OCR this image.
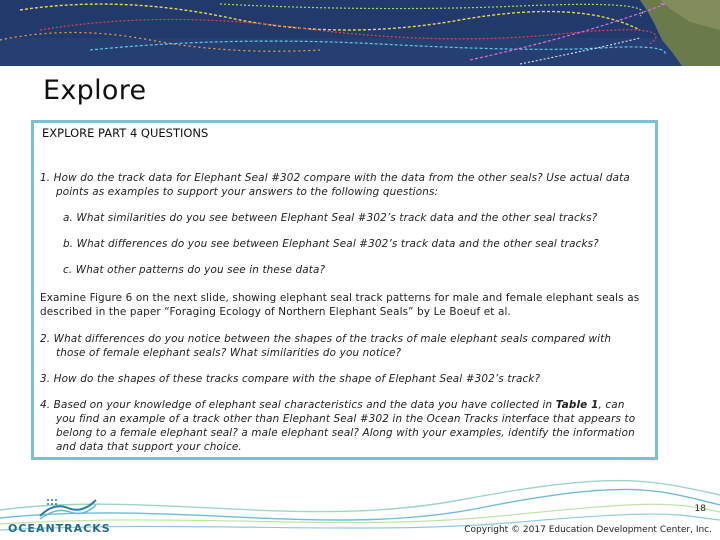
Explore
EXPLORE PART 4 QUESTIONS
1. How do the track data for Elephant Seal #302 compare with the data from the other seals? Use actual data
points as examples to support your answers to the following questions:
a. What similarities do you see between Elephant Seal #302’s track data and the other seal tracks?
b. What differences do you see between Elephant Seal #302’s track data and the other seal tracks?
c. What other patterns do you see in these data?
Examine Figure 6 on the next slide, showing elephant seal track patterns for male and female elephant seals as
described in the paper “Foraging Ecology of Northern Elephant Seals” by Le Boeuf et al.
2. What differences do you notice between the shapes of the tracks of male elephant seals compared with
those of female elephant seals? What similarities do you notice?
3. How do the shapes of these tracks compare with the shape of Elephant Seal #302’s track?
4. Based on your knowledge of elephant seal characteristics and the data you have collected in Table 1, can
you find an example of a track other than Elephant Seal #302 in the Ocean Tracks interface that appears to
belong to a female elephant seal? a male elephant seal? Along with your examples, identify the information
and data that support your choice.
OCEANTRACKS
18
Copyright © 2017 Education Development Center, Inc.
